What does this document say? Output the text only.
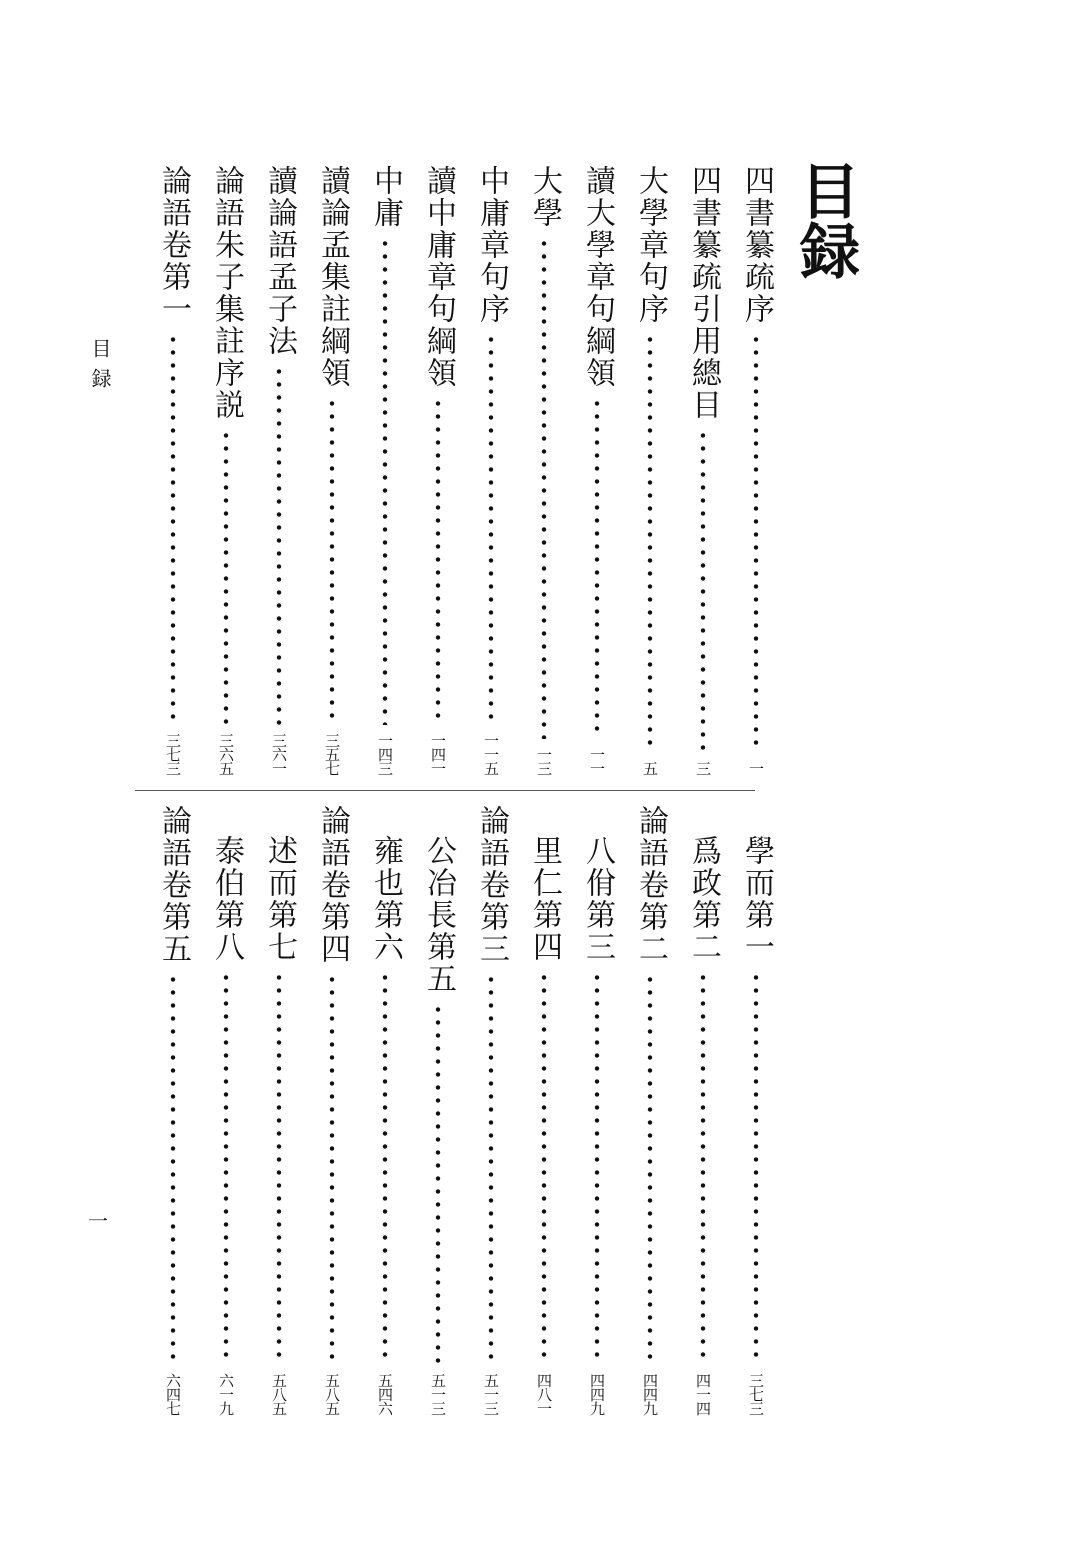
目録
目録
一
四書纂疏序
一
四書纂疏引用總目
三
大學章句序
五
讀大學章句綱領
一一
大學
一三
中庸章句序
一一五
讀中庸章句綱領
一四一
中庸
一四三
讀論孟集註綱領
三五七
讀論語孟子法
三六一
論語朱子集註序説
三六五
論語卷第一
三七三
學而第一
三七三
爲政第二
四一四
論語卷第二
四四九
八佾第三
四四九
里仁第四
四八一
論語卷第三
五一三
公冶長第五
五一三
雍也第六
五四六
論語卷第四
五八五
述而第七
五八五
泰伯第八
六一九
論語卷第五
六四七
